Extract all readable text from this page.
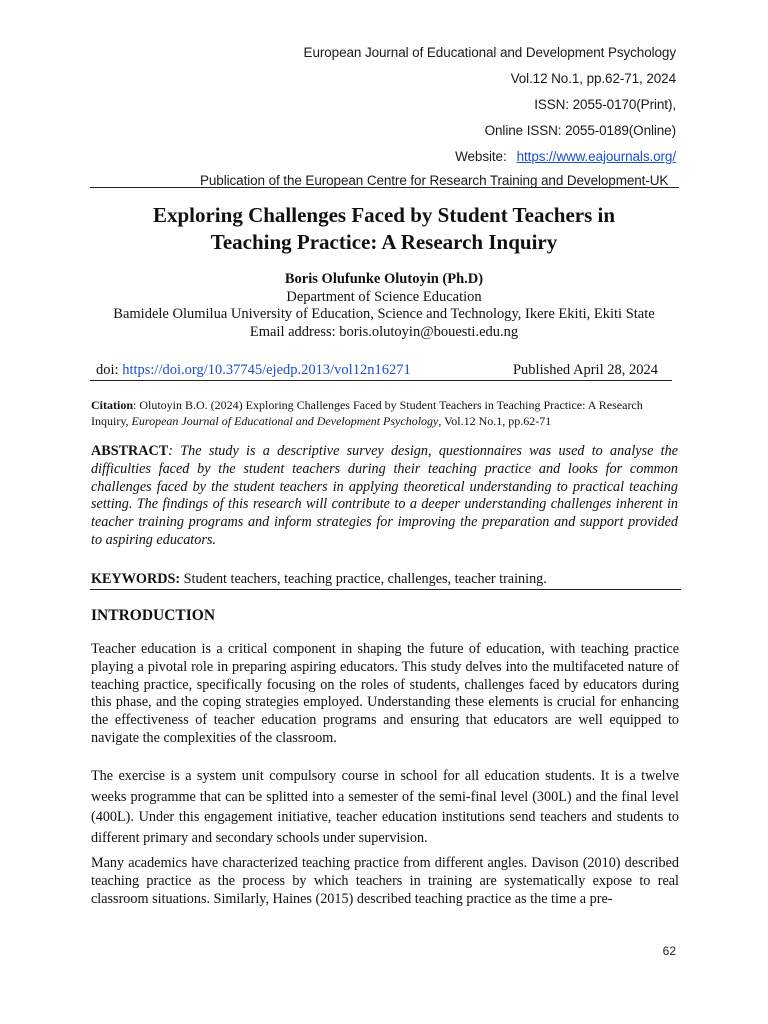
European Journal of Educational and Development Psychology
Vol.12 No.1, pp.62-71, 2024
ISSN: 2055-0170(Print),
Online ISSN: 2055-0189(Online)
Website: https://www.eajournals.org/
Publication of the European Centre for Research Training and Development-UK
Exploring Challenges Faced by Student Teachers in
Teaching Practice: A Research Inquiry
Boris Olufunke Olutoyin (Ph.D)
Department of Science Education
Bamidele Olumilua University of Education, Science and Technology, Ikere Ekiti, Ekiti State
Email address: boris.olutoyin@bouesti.edu.ng
doi: https://doi.org/10.37745/ejedp.2013/vol12n16271	Published April 28, 2024
Citation: Olutoyin B.O. (2024) Exploring Challenges Faced by Student Teachers in Teaching Practice: A Research Inquiry, European Journal of Educational and Development Psychology, Vol.12 No.1, pp.62-71
ABSTRACT: The study is a descriptive survey design, questionnaires was used to analyse the difficulties faced by the student teachers during their teaching practice and looks for common challenges faced by the student teachers in applying theoretical understanding to practical teaching setting. The findings of this research will contribute to a deeper understanding challenges inherent in teacher training programs and inform strategies for improving the preparation and support provided to aspiring educators.
KEYWORDS: Student teachers, teaching practice, challenges, teacher training.
INTRODUCTION
Teacher education is a critical component in shaping the future of education, with teaching practice playing a pivotal role in preparing aspiring educators. This study delves into the multifaceted nature of teaching practice, specifically focusing on the roles of students, challenges faced by educators during this phase, and the coping strategies employed. Understanding these elements is crucial for enhancing the effectiveness of teacher education programs and ensuring that educators are well equipped to navigate the complexities of the classroom.
The exercise is a system unit compulsory course in school for all education students. It is a twelve weeks programme that can be splitted into a semester of the semi-final level (300L) and the final level (400L). Under this engagement initiative, teacher education institutions send teachers and students to different primary and secondary schools under supervision.
Many academics have characterized teaching practice from different angles. Davison (2010) described teaching practice as the process by which teachers in training are systematically expose to real classroom situations. Similarly, Haines (2015) described teaching practice as the time a pre-
62
